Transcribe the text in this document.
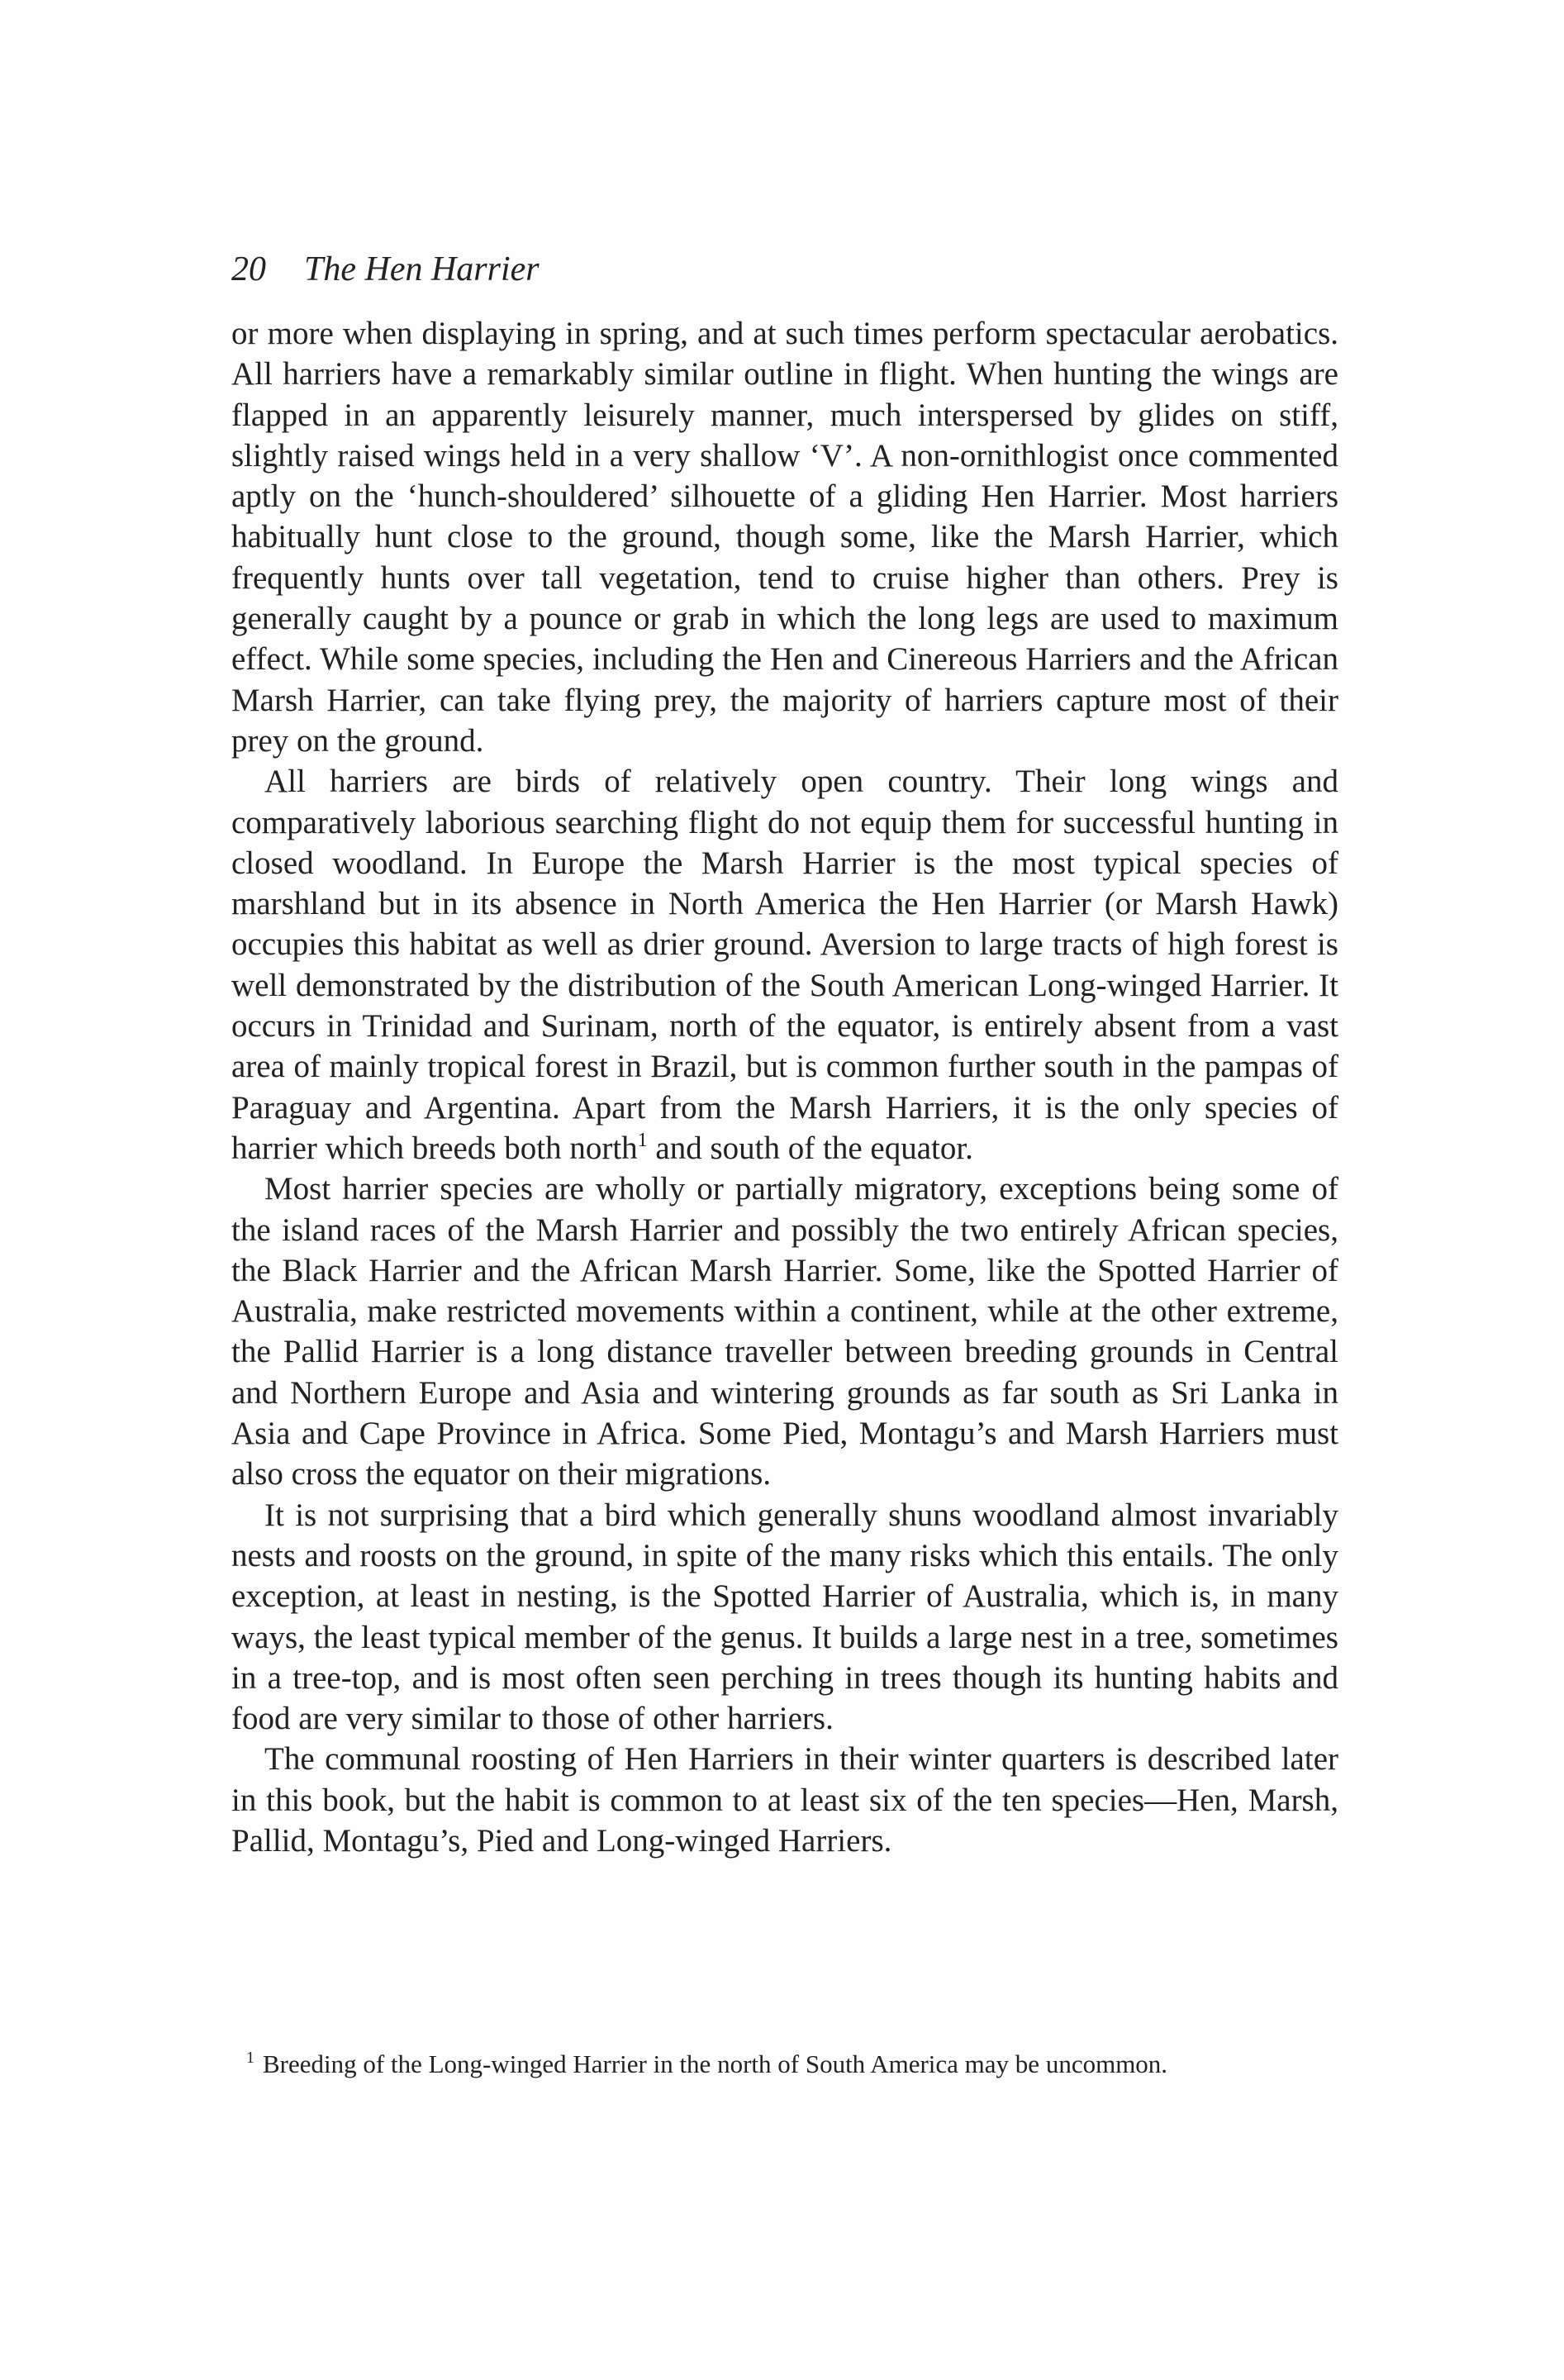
20 The Hen Harrier

or more when displaying in spring, and at such times perform spectacular aerobatics. All harriers have a remarkably similar outline in flight. When hunting the wings are flapped in an apparently leisurely manner, much interspersed by glides on stiff, slightly raised wings held in a very shallow ‘V’. A non-ornithlogist once commented aptly on the ‘hunch-shouldered’ silhouette of a gliding Hen Harrier. Most harriers habitually hunt close to the ground, though some, like the Marsh Harrier, which frequently hunts over tall vegetation, tend to cruise higher than others. Prey is generally caught by a pounce or grab in which the long legs are used to maximum effect. While some species, including the Hen and Cinereous Harriers and the African Marsh Harrier, can take flying prey, the majority of harriers capture most of their prey on the ground.

All harriers are birds of relatively open country. Their long wings and comparatively laborious searching flight do not equip them for successful hunting in closed woodland. In Europe the Marsh Harrier is the most typical species of marshland but in its absence in North America the Hen Harrier (or Marsh Hawk) occupies this habitat as well as drier ground. Aversion to large tracts of high forest is well demonstrated by the distribution of the South American Long-winged Harrier. It occurs in Trinidad and Surinam, north of the equator, is entirely absent from a vast area of mainly tropical forest in Brazil, but is common further south in the pampas of Paraguay and Argentina. Apart from the Marsh Harriers, it is the only species of harrier which breeds both north$^1$ and south of the equator.

Most harrier species are wholly or partially migratory, exceptions being some of the island races of the Marsh Harrier and possibly the two entirely African species, the Black Harrier and the African Marsh Harrier. Some, like the Spotted Harrier of Australia, make restricted movements within a continent, while at the other extreme, the Pallid Harrier is a long distance traveller between breeding grounds in Central and Northern Europe and Asia and wintering grounds as far south as Sri Lanka in Asia and Cape Province in Africa. Some Pied, Montagu’s and Marsh Harriers must also cross the equator on their migrations.

It is not surprising that a bird which generally shuns woodland almost invariably nests and roosts on the ground, in spite of the many risks which this entails. The only exception, at least in nesting, is the Spotted Harrier of Australia, which is, in many ways, the least typical member of the genus. It builds a large nest in a tree, sometimes in a tree-top, and is most often seen perching in trees though its hunting habits and food are very similar to those of other harriers.

The communal roosting of Hen Harriers in their winter quarters is described later in this book, but the habit is common to at least six of the ten species—Hen, Marsh, Pallid, Montagu’s, Pied and Long-winged Harriers.

$^1$ Breeding of the Long-winged Harrier in the north of South America may be uncommon.
